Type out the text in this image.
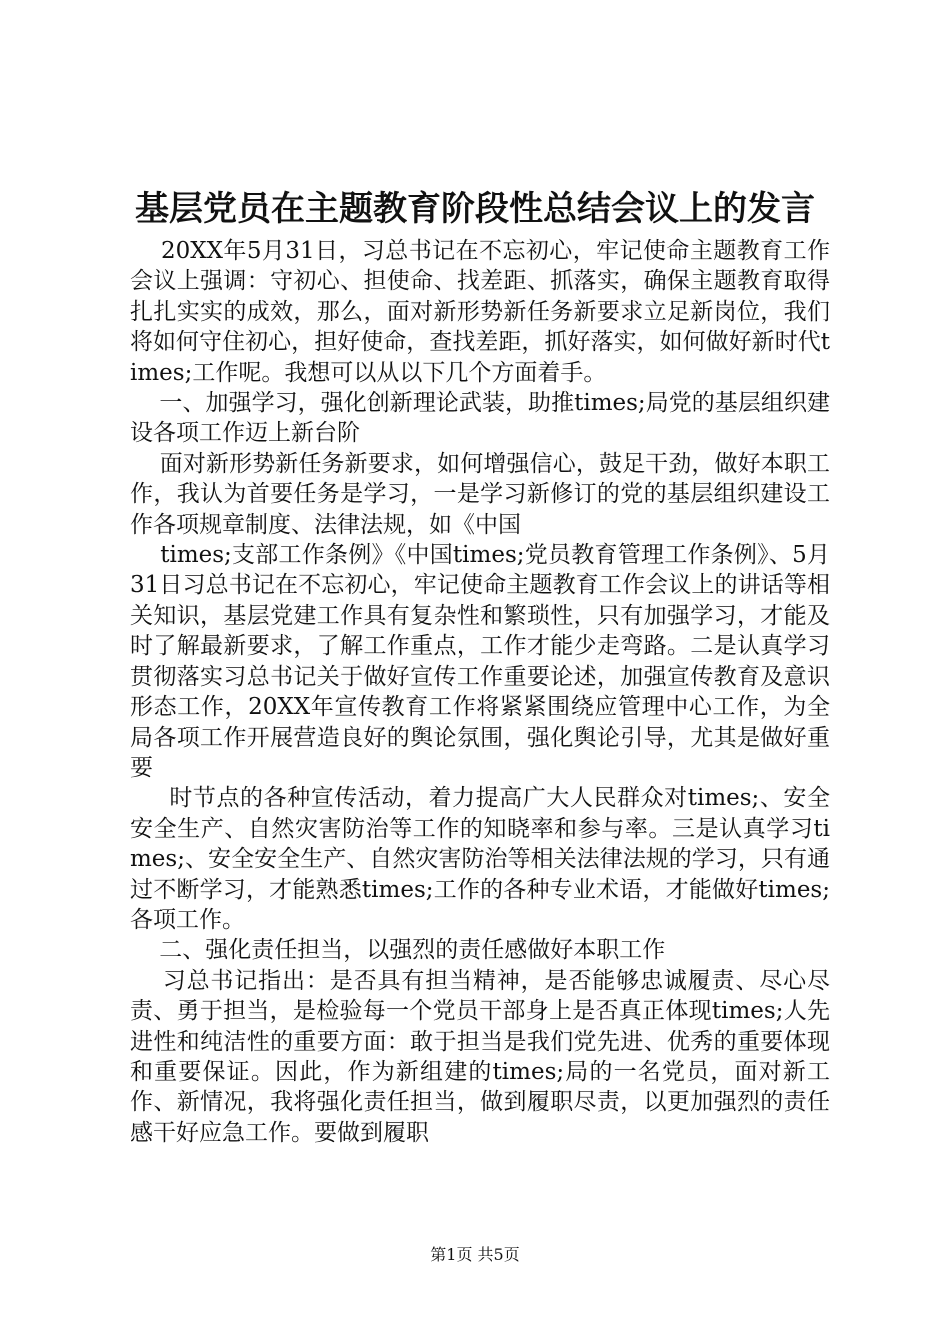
基层党员在主题教育阶段性总结会议上的发言

20XX年5月31日，习总书记在不忘初心，牢记使命主题教育工作会议上强调：守初心、担使命、找差距、抓落实，确保主题教育取得扎扎实实的成效，那么，面对新形势新任务新要求立足新岗位，我们将如何守住初心，担好使命，查找差距，抓好落实，如何做好新时代times;工作呢。我想可以从以下几个方面着手。

一、加强学习，强化创新理论武装，助推times;局党的基层组织建设各项工作迈上新台阶

面对新形势新任务新要求，如何增强信心，鼓足干劲，做好本职工作，我认为首要任务是学习，一是学习新修订的党的基层组织建设工作各项规章制度、法律法规，如《中国

times;支部工作条例》《中国times;党员教育管理工作条例》、5月31日习总书记在不忘初心，牢记使命主题教育工作会议上的讲话等相关知识，基层党建工作具有复杂性和繁琐性，只有加强学习，才能及时了解最新要求，了解工作重点，工作才能少走弯路。二是认真学习贯彻落实习总书记关于做好宣传工作重要论述，加强宣传教育及意识形态工作，20XX年宣传教育工作将紧紧围绕应管理中心工作，为全局各项工作开展营造良好的舆论氛围，强化舆论引导，尤其是做好重要

时节点的各种宣传活动，着力提高广大人民群众对times;、安全安全生产、自然灾害防治等工作的知晓率和参与率。三是认真学习times;、安全安全生产、自然灾害防治等相关法律法规的学习，只有通过不断学习，才能熟悉times;工作的各种专业术语，才能做好times;各项工作。

二、强化责任担当，以强烈的责任感做好本职工作

习总书记指出：是否具有担当精神，是否能够忠诚履责、尽心尽责、勇于担当，是检验每一个党员干部身上是否真正体现times;人先进性和纯洁性的重要方面：敢于担当是我们党先进、优秀的重要体现和重要保证。因此，作为新组建的times;局的一名党员，面对新工作、新情况，我将强化责任担当，做到履职尽责，以更加强烈的责任感干好应急工作。要做到履职

第1页 共5页
